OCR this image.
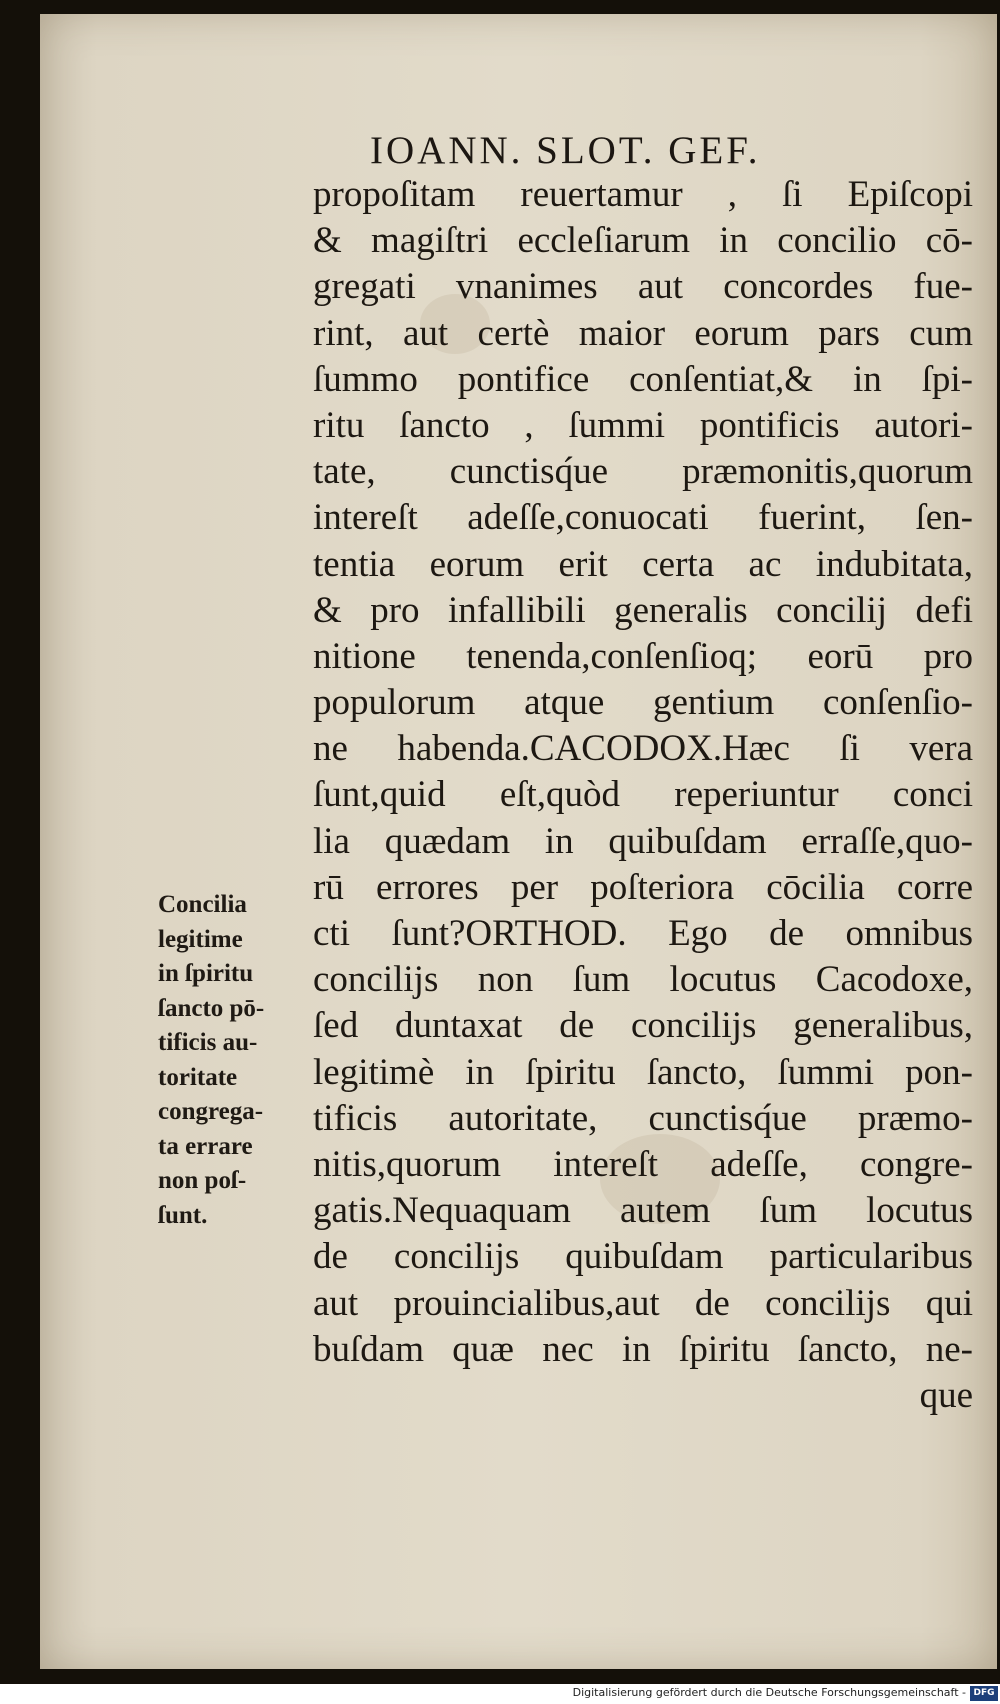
IOANN. SLOT. GEF.
propoſitam reuertamur , ſi Epiſcopi
& magiſtri eccleſiarum in concilio cō-
gregati vnanimes aut concordes fue-
rint, aut certè maior eorum pars cum
ſummo pontifice conſentiat,& in ſpi-
ritu ſancto , ſummi pontificis autori-
tate, cunctisq́ue præmonitis,quorum
intereſt adeſſe,conuocati fuerint, ſen-
tentia eorum erit certa ac indubitata,
& pro infallibili generalis concilij defi
nitione tenenda,conſenſioq; eorū pro
populorum atque gentium conſenſio-
ne habenda.CACODOX.Hæc ſi vera
ſunt,quid eſt,quòd reperiuntur conci
lia quædam in quibuſdam erraſſe,quo-
rū errores per poſteriora cōcilia corre
cti ſunt?ORTHOD. Ego de omnibus
concilijs non ſum locutus Cacodoxe,
ſed duntaxat de concilijs generalibus,
legitimè in ſpiritu ſancto, ſummi pon-
tificis autoritate, cunctisq́ue præmo-
nitis,quorum intereſt adeſſe, congre-
gatis.Nequaquam autem ſum locutus
de concilijs quibuſdam particularibus
aut prouincialibus,aut de concilijs qui
buſdam quæ nec in ſpiritu ſancto, ne-
que
Concilia
legitime
in ſpiritu
ſancto pō-
tificis au-
toritate
congrega-
ta errare
non poſ-
ſunt.
Digitalisierung gefördert durch die Deutsche Forschungsgemeinschaft - DFG
